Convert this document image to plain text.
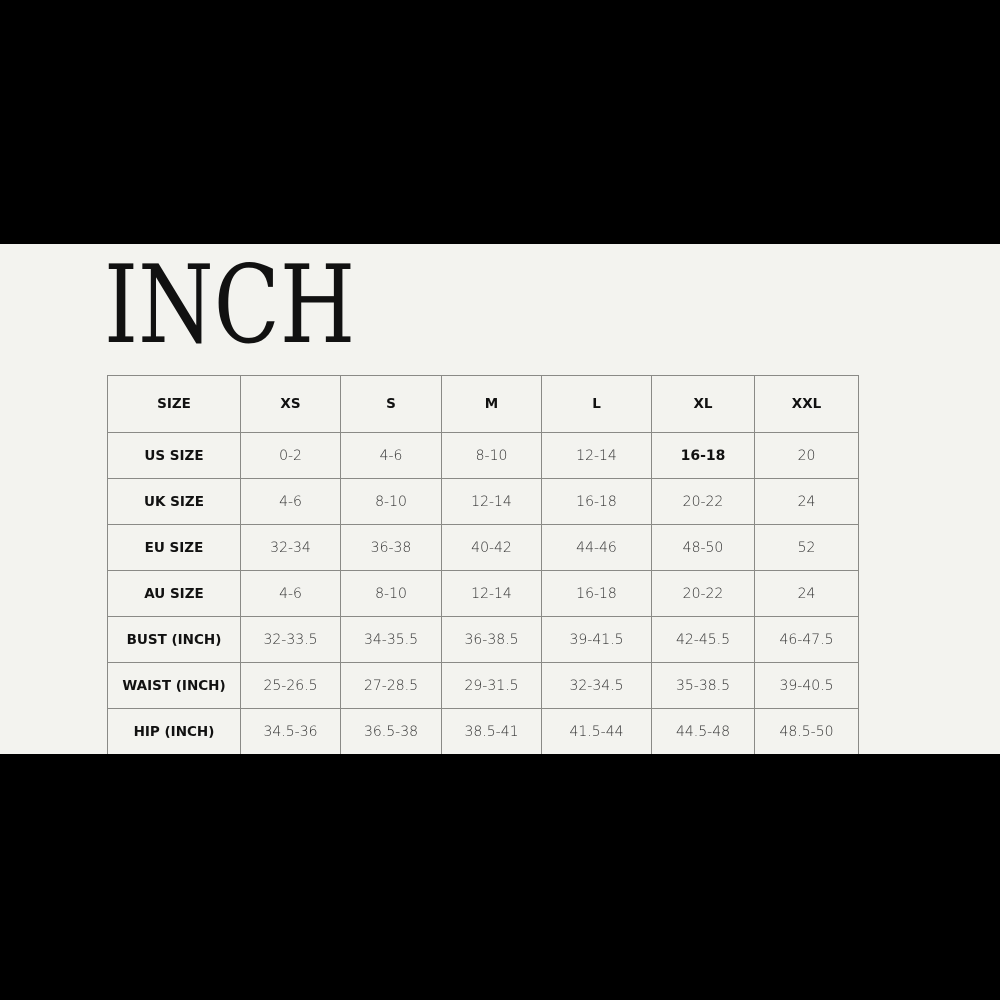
INCH
SIZE	XS	S	M	L	XL	XXL
US SIZE	0-2	4-6	8-10	12-14	16-18	20
UK SIZE	4-6	8-10	12-14	16-18	20-22	24
EU SIZE	32-34	36-38	40-42	44-46	48-50	52
AU SIZE	4-6	8-10	12-14	16-18	20-22	24
BUST (INCH)	32-33.5	34-35.5	36-38.5	39-41.5	42-45.5	46-47.5
WAIST (INCH)	25-26.5	27-28.5	29-31.5	32-34.5	35-38.5	39-40.5
HIP (INCH)	34.5-36	36.5-38	38.5-41	41.5-44	44.5-48	48.5-50
